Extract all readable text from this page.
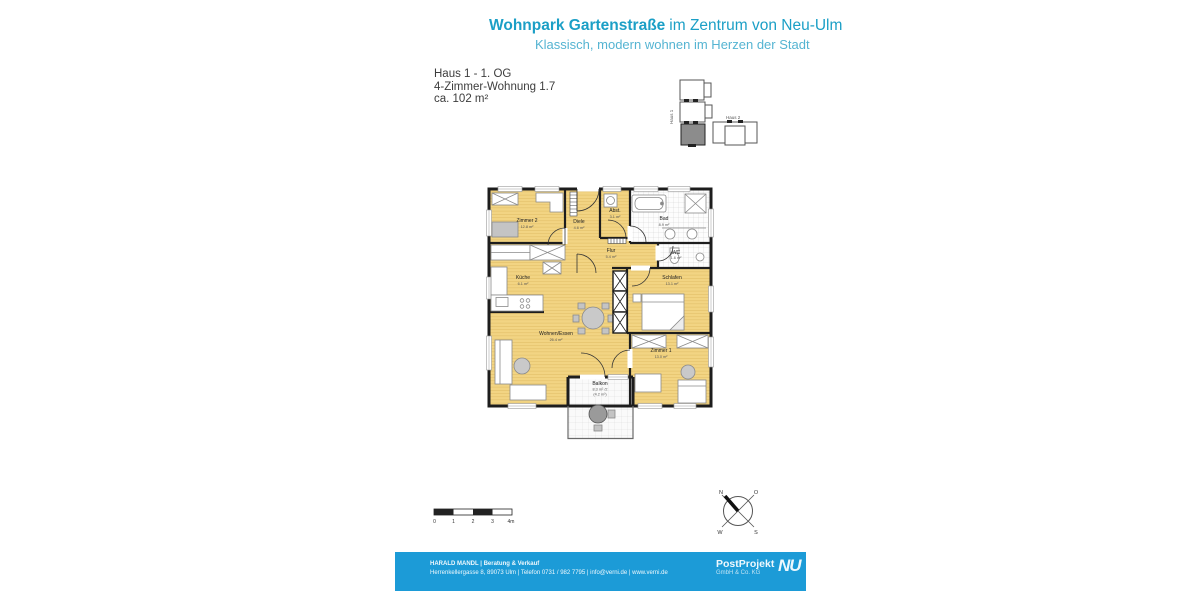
Wohnpark Gartenstraße im Zentrum von Neu-Ulm
Klassisch, modern wohnen im Herzen der Stadt
Haus 1 - 1. OG
4-Zimmer-Wohnung 1.7
ca. 102 m²
Haus 1	Haus 2
Zimmer 2	Diele
Abst.
Bad
Flur	WC
Küche
Wohnen/Essen
Schlafen
Zimmer 1
Balkon
12.8 m²	4.6 m²
3.1 m²
8.9 m²
5.4 m²	1.6 m²
6.1 m²
26.4 m²
13.1 m²
13.0 m²
8.3 m² /2
(4.2 m²)
0	1	2	3	4m
N	O
W	S
HARALD MANDL | Beratung & Verkauf
Herrenkellergasse 8, 89073 Ulm | Telefon 0731 / 982 7795 | info@verni.de | www.verni.de
PostProjekt
GmbH & Co. KG	NU
